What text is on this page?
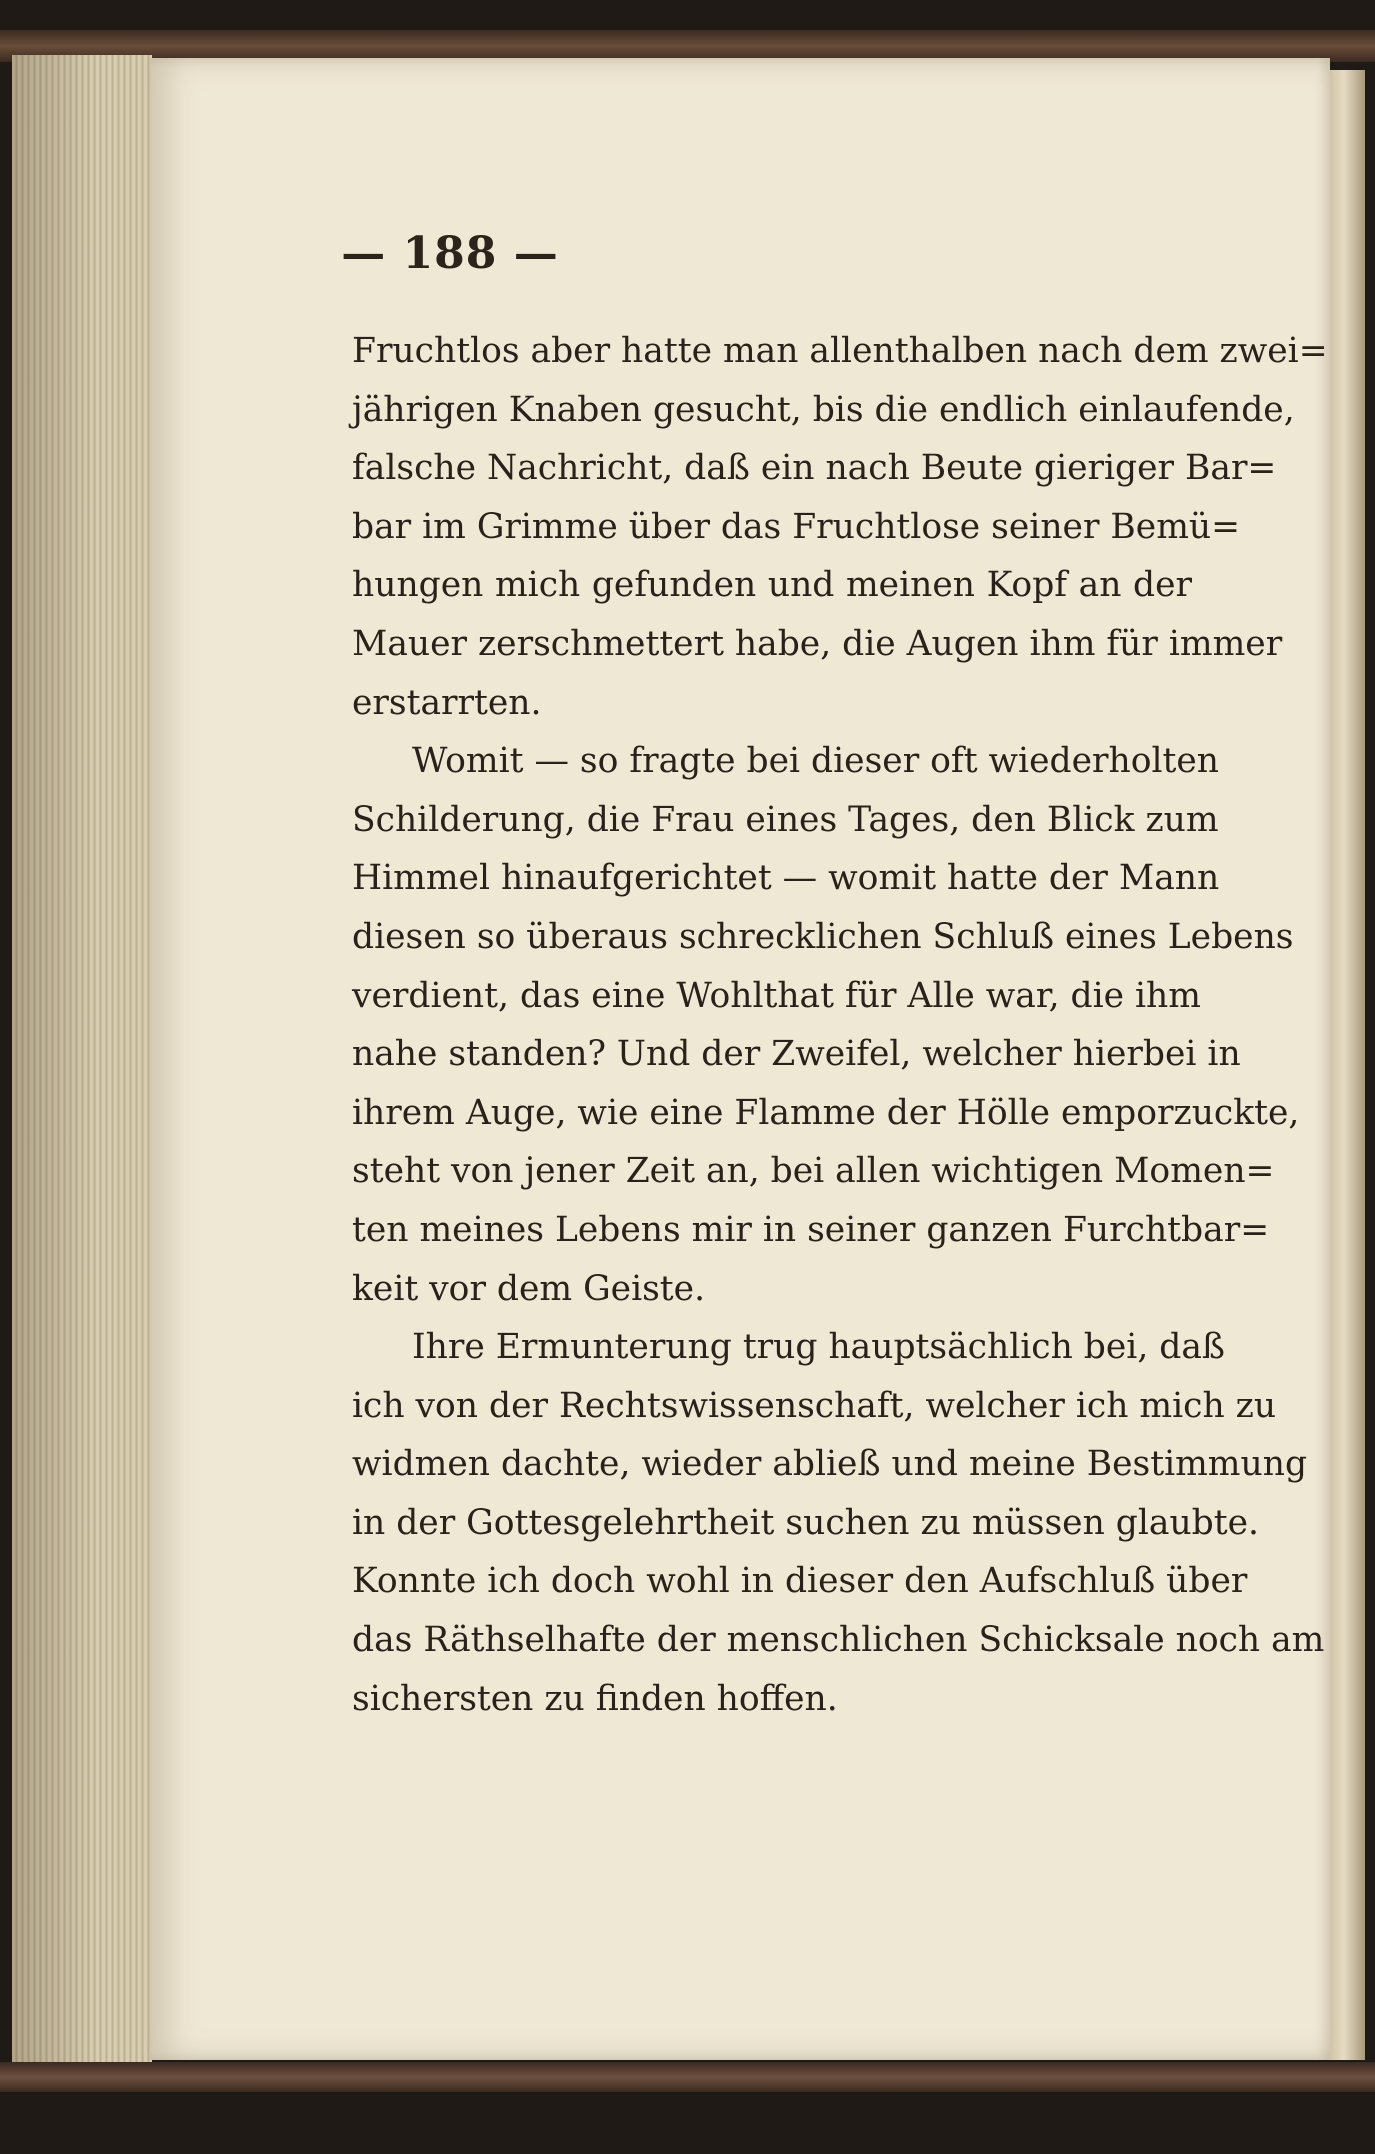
— 188 —
Fruchtlos aber hatte man allenthalben nach dem zwei=
jährigen Knaben gesucht, bis die endlich einlaufende,
falsche Nachricht, daß ein nach Beute gieriger Bar=
bar im Grimme über das Fruchtlose seiner Bemü=
hungen mich gefunden und meinen Kopf an der
Mauer zerschmettert habe, die Augen ihm für immer
erstarrten.
Womit — so fragte bei dieser oft wiederholten
Schilderung, die Frau eines Tages, den Blick zum
Himmel hinaufgerichtet — womit hatte der Mann
diesen so überaus schrecklichen Schluß eines Lebens
verdient, das eine Wohlthat für Alle war, die ihm
nahe standen? Und der Zweifel, welcher hierbei in
ihrem Auge, wie eine Flamme der Hölle emporzuckte,
steht von jener Zeit an, bei allen wichtigen Momen=
ten meines Lebens mir in seiner ganzen Furchtbar=
keit vor dem Geiste.
Ihre Ermunterung trug hauptsächlich bei, daß
ich von der Rechtswissenschaft, welcher ich mich zu
widmen dachte, wieder abließ und meine Bestimmung
in der Gottesgelehrtheit suchen zu müssen glaubte.
Konnte ich doch wohl in dieser den Aufschluß über
das Räthselhafte der menschlichen Schicksale noch am
sichersten zu finden hoffen.
